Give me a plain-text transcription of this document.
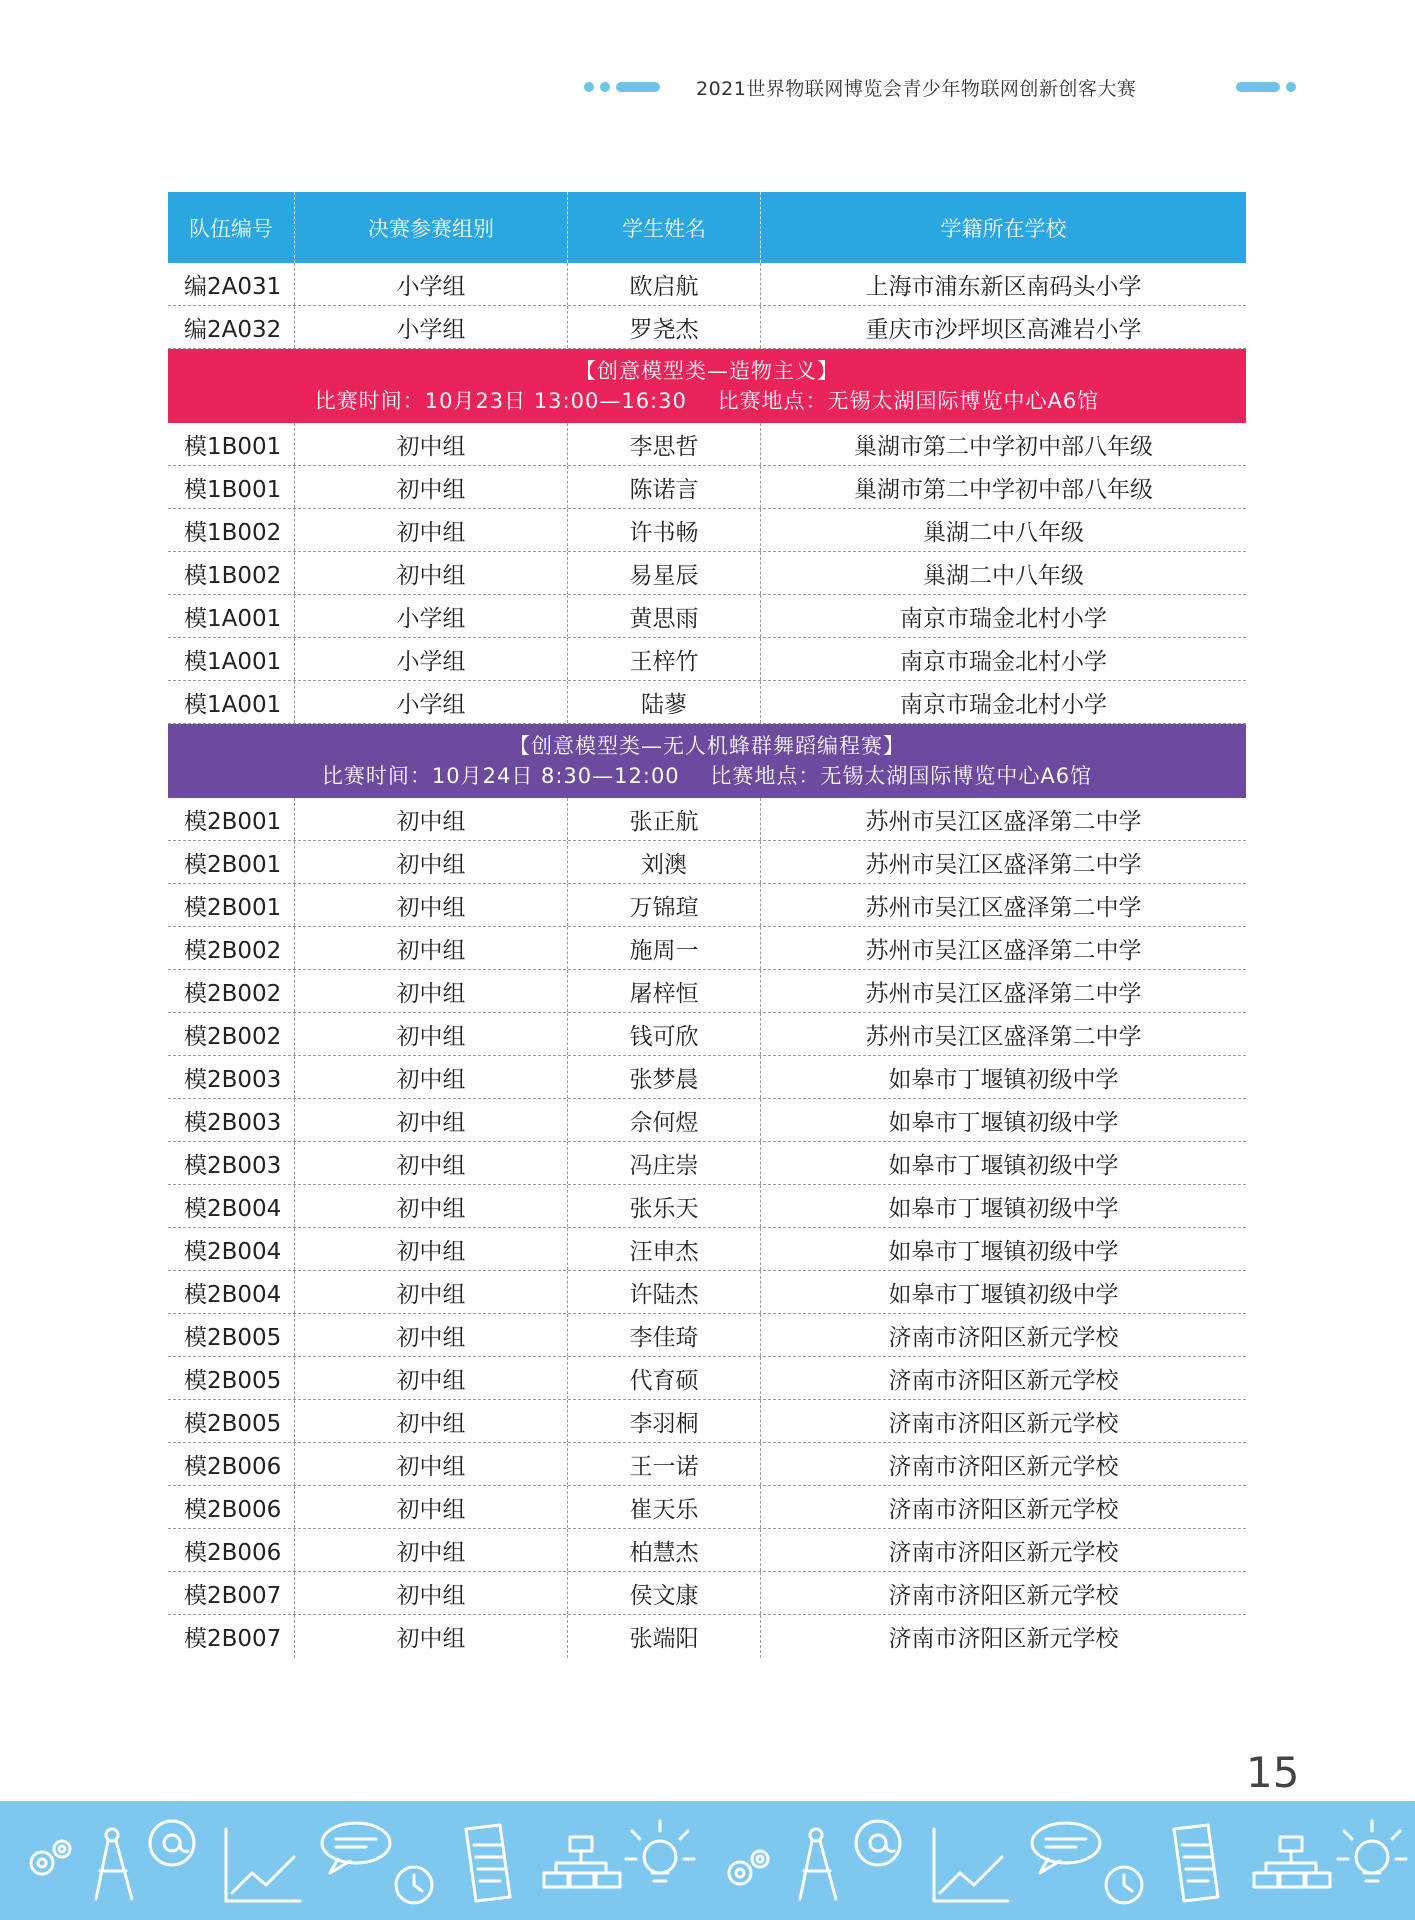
2021世界物联网博览会青少年物联网创新创客大赛
队伍编号	决赛参赛组别	学生姓名	学籍所在学校
编2A031	小学组	欧启航	上海市浦东新区南码头小学
编2A032	小学组	罗尧杰	重庆市沙坪坝区高滩岩小学
【创意模型类—造物主义】
比赛时间：10月23日 13:00—16:30 比赛地点：无锡太湖国际博览中心A6馆
模1B001	初中组	李思哲	巢湖市第二中学初中部八年级
模1B001	初中组	陈诺言	巢湖市第二中学初中部八年级
模1B002	初中组	许书畅	巢湖二中八年级
模1B002	初中组	易星辰	巢湖二中八年级
模1A001	小学组	黄思雨	南京市瑞金北村小学
模1A001	小学组	王梓竹	南京市瑞金北村小学
模1A001	小学组	陆蓼	南京市瑞金北村小学
【创意模型类—无人机蜂群舞蹈编程赛】
比赛时间：10月24日 8:30—12:00 比赛地点：无锡太湖国际博览中心A6馆
模2B001	初中组	张正航	苏州市吴江区盛泽第二中学
模2B001	初中组	刘澳	苏州市吴江区盛泽第二中学
模2B001	初中组	万锦瑄	苏州市吴江区盛泽第二中学
模2B002	初中组	施周一	苏州市吴江区盛泽第二中学
模2B002	初中组	屠梓恒	苏州市吴江区盛泽第二中学
模2B002	初中组	钱可欣	苏州市吴江区盛泽第二中学
模2B003	初中组	张梦晨	如皋市丁堰镇初级中学
模2B003	初中组	佘何煜	如皋市丁堰镇初级中学
模2B003	初中组	冯庄崇	如皋市丁堰镇初级中学
模2B004	初中组	张乐天	如皋市丁堰镇初级中学
模2B004	初中组	汪申杰	如皋市丁堰镇初级中学
模2B004	初中组	许陆杰	如皋市丁堰镇初级中学
模2B005	初中组	李佳琦	济南市济阳区新元学校
模2B005	初中组	代育硕	济南市济阳区新元学校
模2B005	初中组	李羽桐	济南市济阳区新元学校
模2B006	初中组	王一诺	济南市济阳区新元学校
模2B006	初中组	崔天乐	济南市济阳区新元学校
模2B006	初中组	柏慧杰	济南市济阳区新元学校
模2B007	初中组	侯文康	济南市济阳区新元学校
模2B007	初中组	张端阳	济南市济阳区新元学校
15
